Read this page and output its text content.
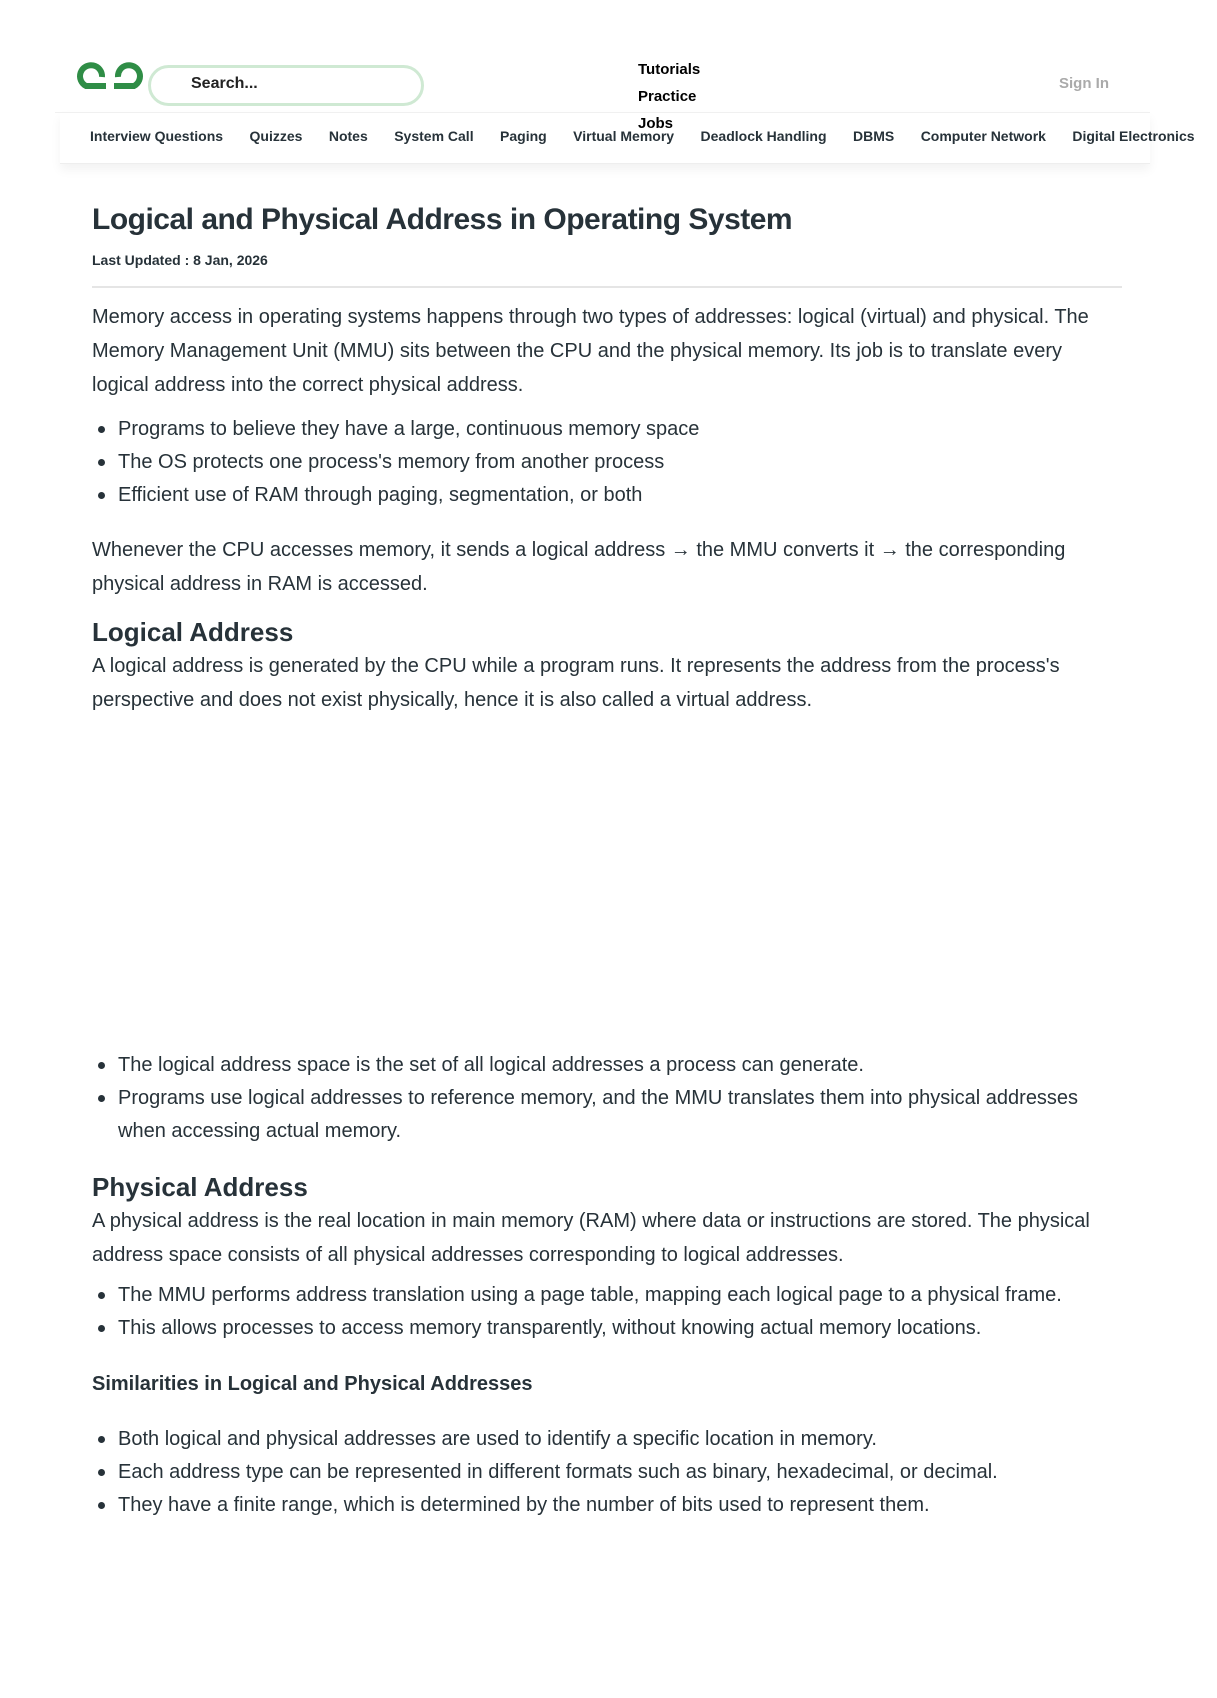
Search...
Tutorials
Practice
Jobs
Sign In
Interview Questions Quizzes Notes System Call Paging Virtual Memory Deadlock Handling DBMS Computer Network Digital Electronics
Logical and Physical Address in Operating System
Last Updated : 8 Jan, 2026

Memory access in operating systems happens through two types of addresses: logical (virtual) and physical. The Memory Management Unit (MMU) sits between the CPU and the physical memory. Its job is to translate every logical address into the correct physical address.

Programs to believe they have a large, continuous memory space
The OS protects one process's memory from another process
Efficient use of RAM through paging, segmentation, or both

Whenever the CPU accesses memory, it sends a logical address → the MMU converts it → the corresponding physical address in RAM is accessed.

Logical Address

A logical address is generated by the CPU while a program runs. It represents the address from the process's perspective and does not exist physically, hence it is also called a virtual address.

The logical address space is the set of all logical addresses a process can generate.
Programs use logical addresses to reference memory, and the MMU translates them into physical addresses when accessing actual memory.
Physical Address

A physical address is the real location in main memory (RAM) where data or instructions are stored. The physical address space consists of all physical addresses corresponding to logical addresses.

The MMU performs address translation using a page table, mapping each logical page to a physical frame.
This allows processes to access memory transparently, without knowing actual memory locations.
Similarities in Logical and Physical Addresses
Both logical and physical addresses are used to identify a specific location in memory.
Each address type can be represented in different formats such as binary, hexadecimal, or decimal.
They have a finite range, which is determined by the number of bits used to represent them.
